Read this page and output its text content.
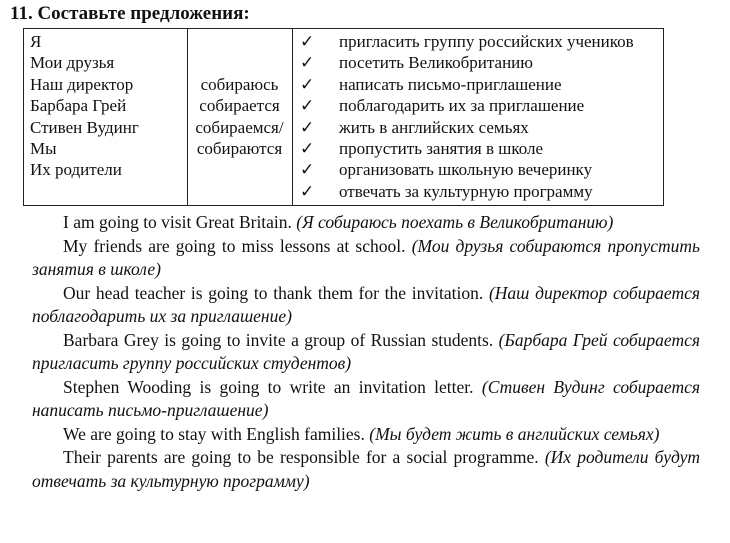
11. Составьте предложения:
Я
Мои друзья
Наш директор
Барбара Грей
Стивен Вудинг
Мы
Их родители
собираюсь
собирается
собираемся/
собираются
✓
✓
✓
✓
✓
✓
✓
✓
пригласить группу российских учеников
посетить Великобританию
написать письмо-приглашение
поблагодарить их за приглашение
жить в английских семьях
пропустить занятия в школе
организовать школьную вечеринку
отвечать за культурную программу

I am going to visit Great Britain. (Я собираюсь поехать в Великобританию)

My friends are going to miss lessons at school. (Мои друзья собираются пропустить занятия в школе)

Our head teacher is going to thank them for the invitation. (Наш директор собирается поблагодарить их за приглашение)

Barbara Grey is going to invite a group of Russian students. (Барбара Грей собирается пригласить группу российских студентов)

Stephen Wooding is going to write an invitation letter. (Стивен Вудинг собирается написать письмо-приглашение)

We are going to stay with English families. (Мы будет жить в английских семьях)

Their parents are going to be responsible for a social programme. (Их родители будут отвечать за культурную программу)
